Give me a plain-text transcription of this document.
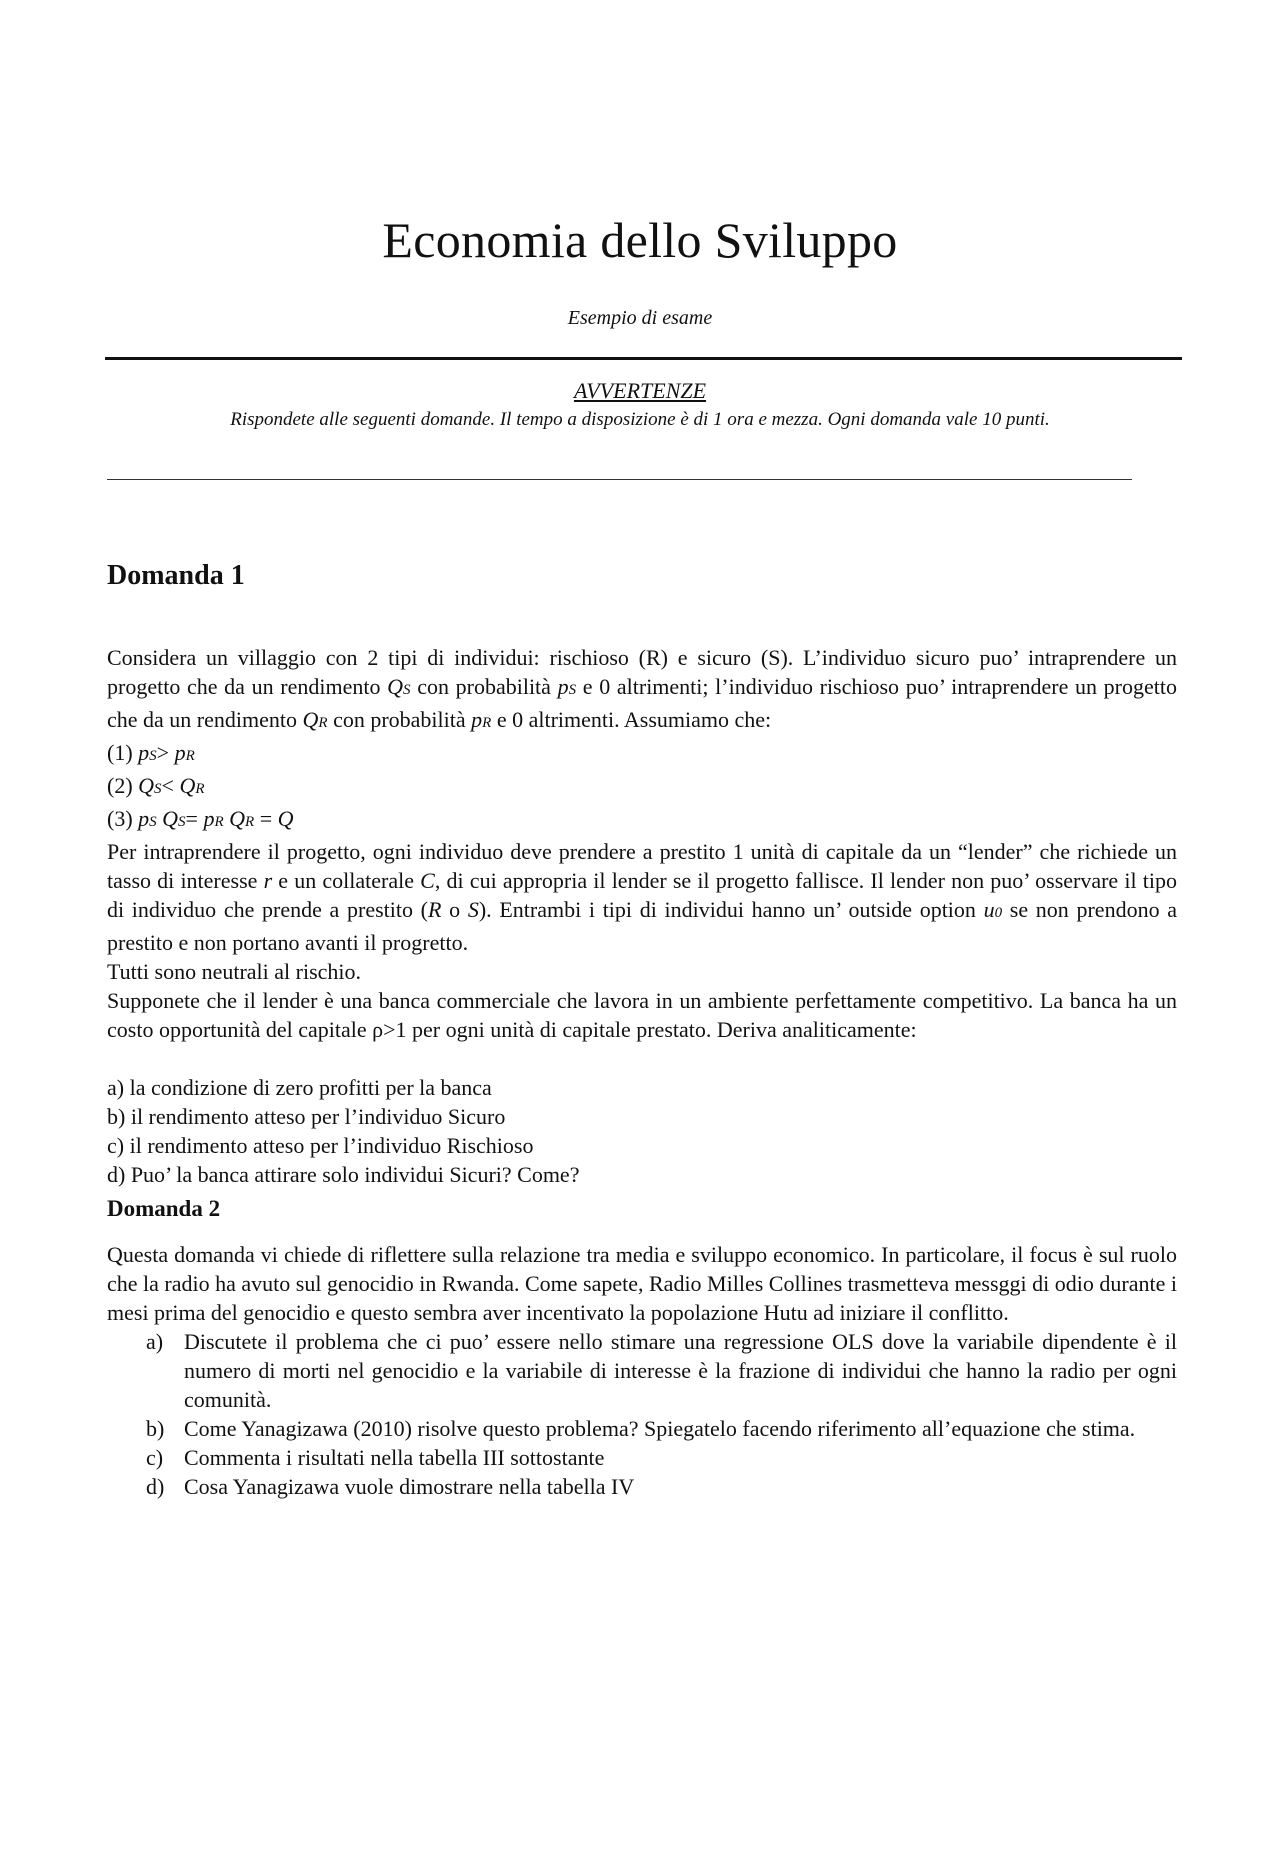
Economia dello Sviluppo
Esempio di esame
AVVERTENZE
Rispondete alle seguenti domande. Il tempo a disposizione è di 1 ora e mezza. Ogni domanda vale 10 punti.
Domanda 1

Considera un villaggio con 2 tipi di individui: rischioso (R) e sicuro (S). L’individuo sicuro puo’ intraprendere un progetto che da un rendimento QS con probabilità pS e 0 altrimenti; l’individuo rischioso puo’ intraprendere un progetto che da un rendimento QR con probabilità pR e 0 altrimenti. Assumiamo che:

(1) pS> pR

(2) QS< QR

(3) pS QS= pR QR = Q

Per intraprendere il progetto, ogni individuo deve prendere a prestito 1 unità di capitale da un “lender” che richiede un tasso di interesse r e un collaterale C, di cui appropria il lender se il progetto fallisce. Il lender non puo’ osservare il tipo di individuo che prende a prestito (R o S). Entrambi i tipi di individui hanno un’ outside option u0 se non prendono a prestito e non portano avanti il progretto.

Tutti sono neutrali al rischio.

Supponete che il lender è una banca commerciale che lavora in un ambiente perfettamente competitivo. La banca ha un costo opportunità del capitale ρ>1 per ogni unità di capitale prestato. Deriva analiticamente:

a) la condizione di zero profitti per la banca

b) il rendimento atteso per l’individuo Sicuro

c) il rendimento atteso per l’individuo Rischioso

d) Puo’ la banca attirare solo individui Sicuri? Come?

Domanda 2

Questa domanda vi chiede di riflettere sulla relazione tra media e sviluppo economico. In particolare, il focus è sul ruolo che la radio ha avuto sul genocidio in Rwanda. Come sapete, Radio Milles Collines trasmetteva messggi di odio durante i mesi prima del genocidio e questo sembra aver incentivato la popolazione Hutu ad iniziare il conflitto.

a) Discutete il problema che ci puo’ essere nello stimare una regressione OLS dove la variabile dipendente è il numero di morti nel genocidio e la variabile di interesse è la frazione di individui che hanno la radio per ogni comunità.
b) Come Yanagizawa (2010) risolve questo problema? Spiegatelo facendo riferimento all’equazione che stima.
c) Commenta i risultati nella tabella III sottostante
d) Cosa Yanagizawa vuole dimostrare nella tabella IV
